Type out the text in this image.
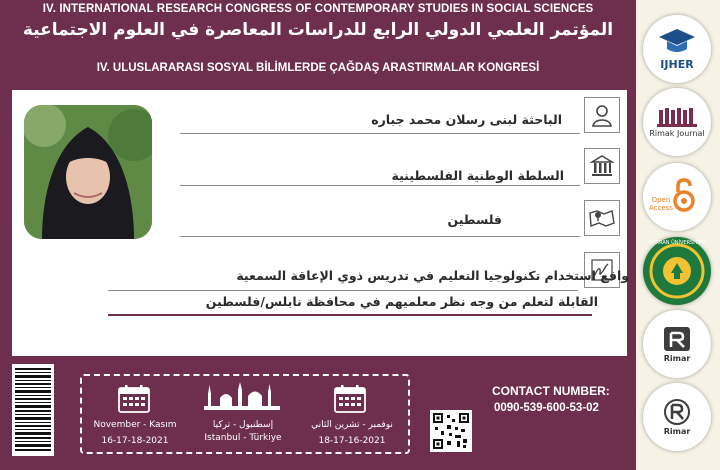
IV. INTERNATIONAL RESEARCH CONGRESS OF CONTEMPORARY STUDIES IN SOCIAL SCIENCES
المؤتمر العلمي الدولي الرابع للدراسات المعاصرة في العلوم الاجتماعية
IV. ULUSLARARASI SOSYAL BİLİMLERDE ÇAĞDAŞ ARASTIRMALAR KONGRESİ
الباحثة لبنى رسلان محمد جباره
السلطة الوطنية الفلسطينية
فلسطين
واقع استخدام تكنولوجيا التعليم في تدريس ذوي الإعاقة السمعية
القابلة لتعلم من وجه نظر معلميهم في محافظة نابلس/فلسطين
November - Kasım
16-17-18-2021
إسطنبول - تركيا
Istanbul - Türkiye
نوفمبر - تشرين الثاني
18-17-16-2021
CONTACT NUMBER:
0090-539-600-53-02
IJHER
Rimak Journal
Open Access
HARRAN ÜNİVERSİTESİ
Rimar
Rimar
